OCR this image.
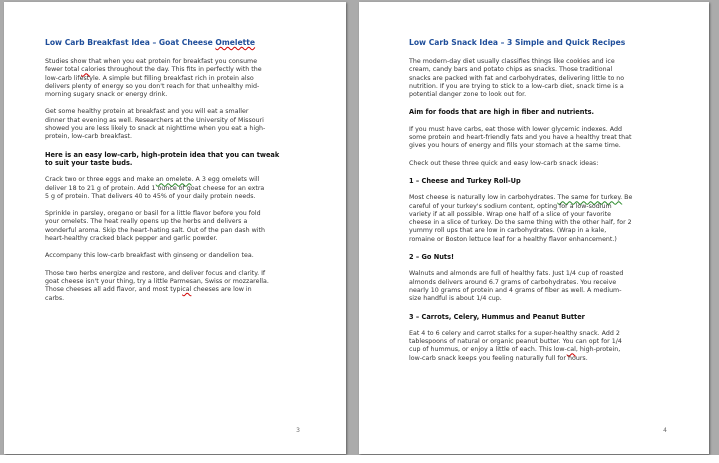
Low Carb Breakfast Idea – Goat Cheese Omelette
Studies show that when you eat protein for breakfast you consume
fewer total calories throughout the day. This fits in perfectly with the
low-carb lifestyle. A simple but filling breakfast rich in protein also
delivers plenty of energy so you don't reach for that unhealthy mid-
morning sugary snack or energy drink.
Get some healthy protein at breakfast and you will eat a smaller
dinner that evening as well. Researchers at the University of Missouri
showed you are less likely to snack at nighttime when you eat a high-
protein, low-carb breakfast.
Here is an easy low-carb, high-protein idea that you can tweak
to suit your taste buds.
Crack two or three eggs and make an omelete. A 3 egg omelets will
deliver 18 to 21 g of protein. Add 1 ounce of goat cheese for an extra
5 g of protein. That delivers 40 to 45% of your daily protein needs.
Sprinkle in parsley, oregano or basil for a little flavor before you fold
your omelets. The heat really opens up the herbs and delivers a
wonderful aroma. Skip the heart-hating salt. Out of the pan dash with
heart-healthy cracked black pepper and garlic powder.
Accompany this low-carb breakfast with ginseng or dandelion tea.
Those two herbs energize and restore, and deliver focus and clarity. If
goat cheese isn't your thing, try a little Parmesan, Swiss or mozzarella.
Those cheeses all add flavor, and most typical cheeses are low in
carbs.
3
Low Carb Snack Idea – 3 Simple and Quick Recipes
The modern-day diet usually classifies things like cookies and ice
cream, candy bars and potato chips as snacks. Those traditional
snacks are packed with fat and carbohydrates, delivering little to no
nutrition. If you are trying to stick to a low-carb diet, snack time is a
potential danger zone to look out for.
Aim for foods that are high in fiber and nutrients.
If you must have carbs, eat those with lower glycemic indexes. Add
some protein and heart-friendly fats and you have a healthy treat that
gives you hours of energy and fills your stomach at the same time.
Check out these three quick and easy low-carb snack ideas:
1 – Cheese and Turkey Roll-Up
Most cheese is naturally low in carbohydrates. The same for turkey. Be
careful of your turkey's sodium content, opting for a low-sodium
variety if at all possible. Wrap one half of a slice of your favorite
cheese in a slice of turkey. Do the same thing with the other half, for 2
yummy roll ups that are low in carbohydrates. (Wrap in a kale,
romaine or Boston lettuce leaf for a healthy flavor enhancement.)
2 – Go Nuts!
Walnuts and almonds are full of healthy fats. Just 1/4 cup of roasted
almonds delivers around 6.7 grams of carbohydrates. You receive
nearly 10 grams of protein and 4 grams of fiber as well. A medium-
size handful is about 1/4 cup.
3 – Carrots, Celery, Hummus and Peanut Butter
Eat 4 to 6 celery and carrot stalks for a super-healthy snack. Add 2
tablespoons of natural or organic peanut butter. You can opt for 1/4
cup of hummus, or enjoy a little of each. This low-cal, high-protein,
low-carb snack keeps you feeling naturally full for hours.
4
